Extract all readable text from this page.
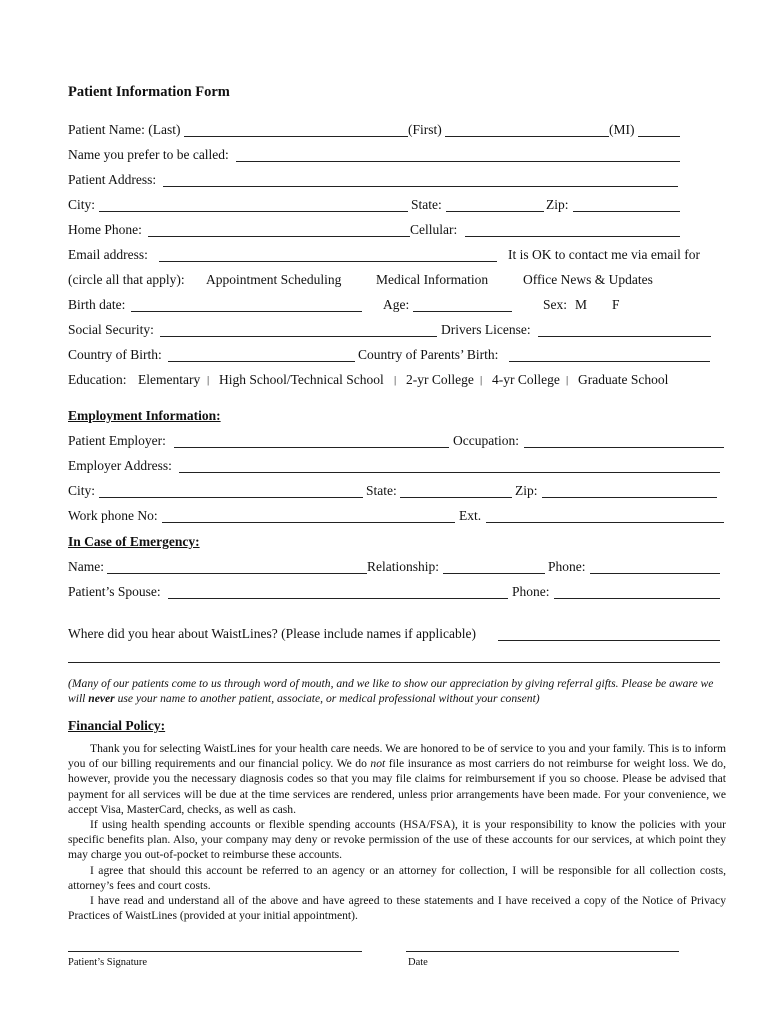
Patient Information Form
Patient Name: (Last)	(First)	(MI)
Name you prefer to be called:
Patient Address:
City:	State:	Zip:
Home Phone:	Cellular:
Email address:	It is OK to contact me via email for
(circle all that apply): Appointment Scheduling	Medical Information	Office News & Updates
Birth date:	Age:	Sex: M F
Social Security:	Drivers License:
Country of Birth:	Country of Parents’ Birth:
Education: Elementary | High School/Technical School | 2-yr College | 4-yr College | Graduate School
Employment Information:
Patient Employer:	Occupation:
Employer Address:
City:	State:	Zip:
Work phone No:	Ext.
In Case of Emergency:
Name:	Relationship:	Phone:
Patient’s Spouse:	Phone:
Where did you hear about WaistLines? (Please include names if applicable)
(Many of our patients come to us through word of mouth, and we like to show our appreciation by giving referral gifts. Please be aware we will never use your name to another patient, associate, or medical professional without your consent)
Financial Policy:

Thank you for selecting WaistLines for your health care needs. We are honored to be of service to you and your family. This is to inform you of our billing requirements and our financial policy. We do not file insurance as most carriers do not reimburse for weight loss. We do, however, provide you the necessary diagnosis codes so that you may file claims for reimbursement if you so choose. Please be advised that payment for all services will be due at the time services are rendered, unless prior arrangements have been made. For your convenience, we accept Visa, MasterCard, checks, as well as cash.

If using health spending accounts or flexible spending accounts (HSA/FSA), it is your responsibility to know the policies with your specific benefits plan. Also, your company may deny or revoke permission of the use of these accounts for our services, at which point they may charge you out-of-pocket to reimburse these accounts.

I agree that should this account be referred to an agency or an attorney for collection, I will be responsible for all collection costs, attorney’s fees and court costs.

I have read and understand all of the above and have agreed to these statements and I have received a copy of the Notice of Privacy Practices of WaistLines (provided at your initial appointment).

Patient’s Signature	Date
